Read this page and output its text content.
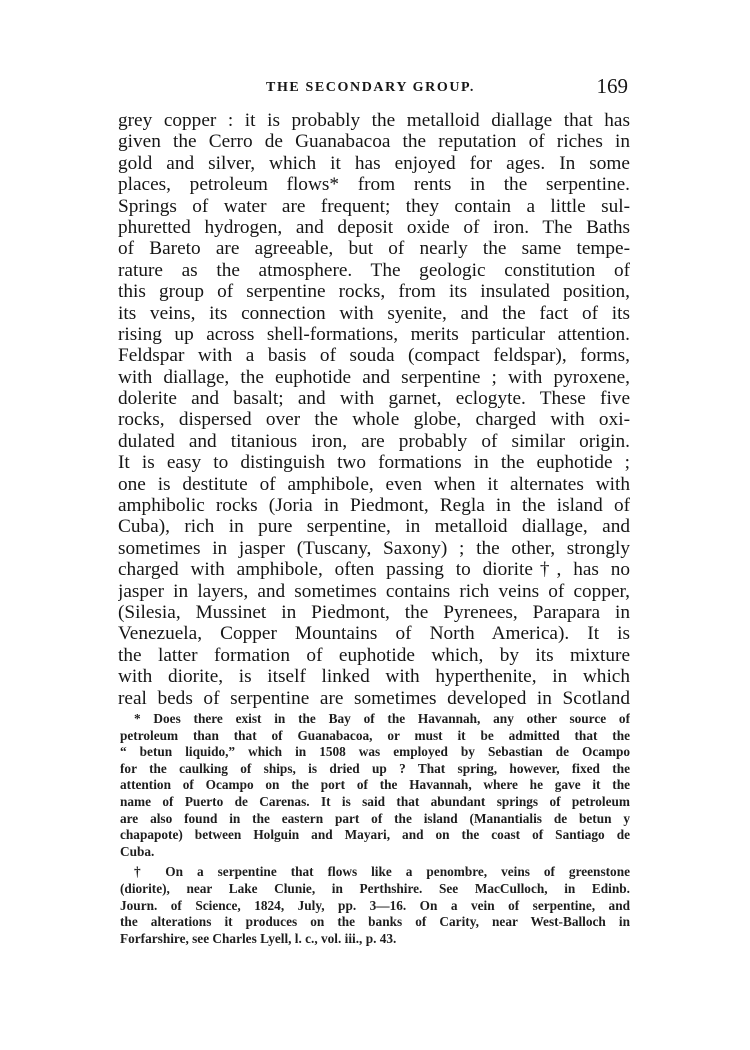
THE SECONDARY GROUP.	169
grey copper : it is probably the metalloid diallage that has
given the Cerro de Guanabacoa the reputation of riches in
gold and silver, which it has enjoyed for ages. In some
places, petroleum flows* from rents in the serpentine.
Springs of water are frequent; they contain a little sul-
phuretted hydrogen, and deposit oxide of iron. The Baths
of Bareto are agreeable, but of nearly the same tempe-
rature as the atmosphere. The geologic constitution of
this group of serpentine rocks, from its insulated position,
its veins, its connection with syenite, and the fact of its
rising up across shell-formations, merits particular attention.
Feldspar with a basis of souda (compact feldspar), forms,
with diallage, the euphotide and serpentine ; with pyroxene,
dolerite and basalt; and with garnet, eclogyte. These five
rocks, dispersed over the whole globe, charged with oxi-
dulated and titanious iron, are probably of similar origin.
It is easy to distinguish two formations in the euphotide ;
one is destitute of amphibole, even when it alternates with
amphibolic rocks (Joria in Piedmont, Regla in the island of
Cuba), rich in pure serpentine, in metalloid diallage, and
sometimes in jasper (Tuscany, Saxony) ; the other, strongly
charged with amphibole, often passing to diorite†, has no
jasper in layers, and sometimes contains rich veins of copper,
(Silesia, Mussinet in Piedmont, the Pyrenees, Parapara in
Venezuela, Copper Mountains of North America). It is
the latter formation of euphotide which, by its mixture
with diorite, is itself linked with hyperthenite, in which
real beds of serpentine are sometimes developed in Scotland
* Does there exist in the Bay of the Havannah, any other source of
petroleum than that of Guanabacoa, or must it be admitted that the
“ betun liquido,” which in 1508 was employed by Sebastian de Ocampo
for the caulking of ships, is dried up ? That spring, however, fixed the
attention of Ocampo on the port of the Havannah, where he gave it the
name of Puerto de Carenas. It is said that abundant springs of petroleum
are also found in the eastern part of the island (Manantialis de betun y
chapapote) between Holguin and Mayari, and on the coast of Santiago de
Cuba.
† On a serpentine that flows like a penombre, veins of greenstone
(diorite), near Lake Clunie, in Perthshire. See MacCulloch, in Edinb.
Journ. of Science, 1824, July, pp. 3—16. On a vein of serpentine, and
the alterations it produces on the banks of Carity, near West-Balloch in
Forfarshire, see Charles Lyell, l. c., vol. iii., p. 43.
